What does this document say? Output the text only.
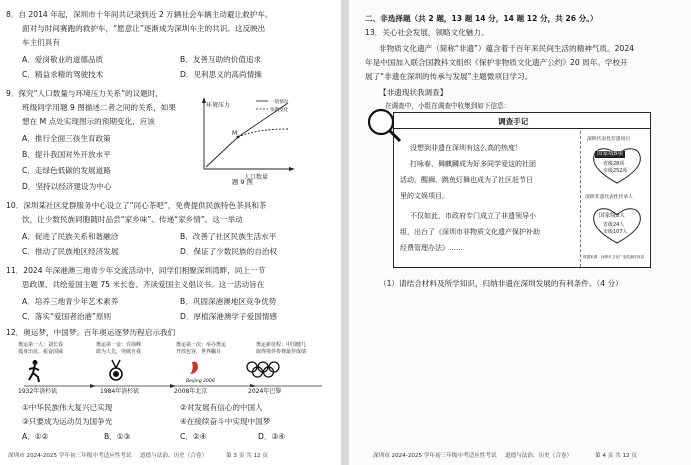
8．自 2014 年起，深圳市十年间共记录到近 2 万辆社会车辆主动避让救护车。
面对与时间赛跑的救护车，“愿意让”逐渐成为深圳车主的共识。这反映出
车主们具有
A．爱岗敬业的道德品质	B．友善互助的价值追求
C．精益求精的驾驶技术	D．见利思义的高尚情操
9．探究“人口数量与环境压力关系”的议题时，
班级同学用题 9 图描述二者之间的关系，如果
想在 M 点处实现图示的预期变化，应该
A．推行全面三孩生育政策
B．提升我国对外开放水平
C．走绿色低碳的发展道路
D．坚持以经济建设为中心
环境压力
人口数量
M
一般情况
预期变化
题 9 图
10．深圳某社区党群服务中心设立了“同心茶吧”，免费提供民族特色茶具和茶
饮，让少数民族同胞随时品尝“家乡味”、传递“家乡情”。这一举动
A．促进了民族关系和谐融洽	B．改善了社区民族生活水平
C．推动了民族地区经济发展	D．保证了少数民族的自治权
11．2024 年深港澳三地青少年交流活动中，同学们相聚深圳湾畔，同上一节
思政课、共绘爱国主题 75 米长卷、齐读爱国主义倡议书。这一活动旨在
A．培养三地青少年艺术素养	B．巩固深港澳地区竞争优势
C．落实“爱国者治港”原则	D．厚植深港澳学子爱国情感
12．奥运梦，中国梦。百年奥运逐梦历程启示我们
奥运第一人：刘长春
孤身出征，振奋国威
奥运第一金：许海峰
敢为人先，突破自我
奥运第一次：举办奥运
开放包容，世界瞩目
奥运新征程：中国健儿
取得境外参赛最佳成绩
Beijing 2008
1932年洛杉矶	1984年洛杉矶	2008年北京	2024年巴黎
①中华民族伟大复兴已实现	②对发展有信心的中国人
③只要成为运动员为国争光	④在接续奋斗中实现中国梦
A．①②	B．①③	C．②④	D．③④
深圳市 2024-2025 学年初三年级中考适应性考试 道德与法治、历史（合卷）	第 3 页 共 12 页
二、非选择题（共 2 题，13 题 14 分，14 题 12 分，共 26 分。）
13．关心社会发展，领略文化魅力。
非物质文化遗产（简称“非遗”）蕴含着千百年来民间生活的精神气质。2024
年是中国加入联合国教科文组织《保护非物质文化遗产公约》20 周年。学校开
展了“非遗在深圳的传承与发展”主题微项目学习。
【非遗现状我调查】
在调查中，小组在调查中收集到如下信息：
调查手记
没想到非遗在深圳有这么高的热度！
打咏春、舞麒麟成为好多同学爱这的社团
活动，醒狮、跳鱼灯舞也成为了社区赶节日
里的文娱项目。
不仅如此，市政府专门成立了非遗领导小
组，出台了《深圳市非物质文化遗产保护补助
经费管理办法》……
深圳代表性非遗项目
国家级8项
省级28项
市级252项
深圳非遗代表性传承人
国家级3人
省级24人
市级107人
数据来源：深圳市文化广电旅游体育局
（1）请结合材料及所学知识，归纳非遗在深圳发展的有利条件。（4 分）
深圳市 2024-2025 学年初三年级中考适应性考试 道德与法治、历史（合卷）	第 4 页 共 12 页
